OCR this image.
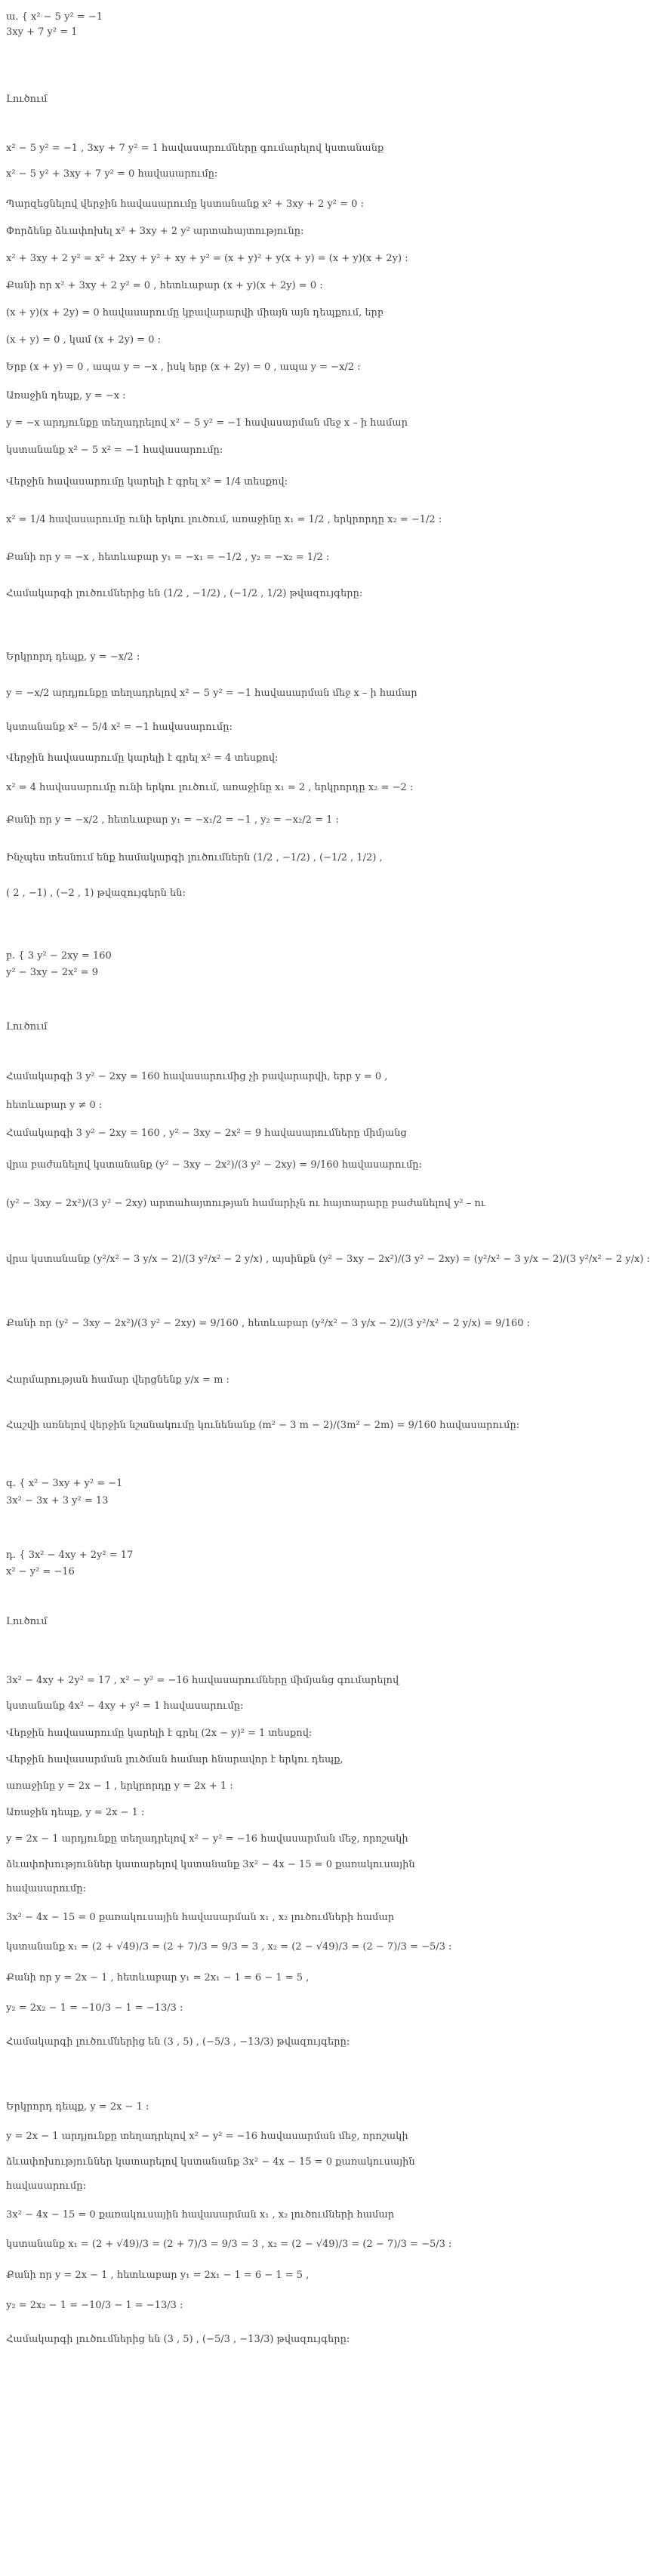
ա. { x² − 5 y² = −1
3xy + 7 y² = 1
Լուծում
x² − 5 y² = −1 , 3xy + 7 y² = 1 հավասարումները գումարելով կստանանք
x² − 5 y² + 3xy + 7 y² = 0 հավասարումը:
Պարզեցնելով վերջին հավասարումը կստանանք x² + 3xy + 2 y² = 0 :
Փորձենք ձևափոխել x² + 3xy + 2 y² արտահայտությունը:
x² + 3xy + 2 y² = x² + 2xy + y² + xy + y² = (x + y)² + y(x + y) = (x + y)(x + 2y) :
Քանի որ x² + 3xy + 2 y² = 0 , հետևաբար (x + y)(x + 2y) = 0 :
(x + y)(x + 2y) = 0 հավասարումը կբավարարվի միայն այն դեպքում, երբ
(x + y) = 0 , կամ (x + 2y) = 0 :
Երբ (x + y) = 0 , ապա y = −x , իսկ երբ (x + 2y) = 0 , ապա y = −x/2 :
Առաջին դեպք, y = −x :
y = −x արդյունքը տեղադրելով x² − 5 y² = −1 հավասարման մեջ x – ի համար
կստանանք x² − 5 x² = −1 հավասարումը:
Վերջին հավասարումը կարելի է գրել x² = 1/4 տեսքով:
x² = 1/4 հավասարումը ունի երկու լուծում, առաջինը x₁ = 1/2 , երկրորդը x₂ = −1/2 :
Քանի որ y = −x , հետևաբար y₁ = −x₁ = −1/2 , y₂ = −x₂ = 1/2 :
Համակարգի լուծումներից են (1/2 , −1/2) , (−1/2 , 1/2) թվազույգերը:
Երկրորդ դեպք, y = −x/2 :
y = −x/2 արդյունքը տեղադրելով x² − 5 y² = −1 հավասարման մեջ x – ի համար
կստանանք x² − 5/4 x² = −1 հավասարումը:
Վերջին հավասարումը կարելի է գրել x² = 4 տեսքով:
x² = 4 հավասարումը ունի երկու լուծում, առաջինը x₁ = 2 , երկրորդը x₂ = −2 :
Քանի որ y = −x/2 , հետևաբար y₁ = −x₁/2 = −1 , y₂ = −x₂/2 = 1 :
Ինչպես տեսնում ենք համակարգի լուծումներն (1/2 , −1/2) , (−1/2 , 1/2) ,
( 2 , −1) , (−2 , 1) թվազույգերն են:
բ. { 3 y² − 2xy = 160
y² − 3xy − 2x² = 9
Լուծում
Համակարգի 3 y² − 2xy = 160 հավասարումից չի բավարարվի, երբ y = 0 ,
հետևաբար y ≠ 0 :
Համակարգի 3 y² − 2xy = 160 , y² − 3xy − 2x² = 9 հավասարումները միմյանց
վրա բաժանելով կստանանք (y² − 3xy − 2x²)/(3 y² − 2xy) = 9/160 հավասարումը:
(y² − 3xy − 2x²)/(3 y² − 2xy) արտահայտության համարիչն ու հայտարարը բաժանելով y² – ու
վրա կստանանք (y²/x² − 3 y/x − 2)/(3 y²/x² − 2 y/x) , այսինքն (y² − 3xy − 2x²)/(3 y² − 2xy) = (y²/x² − 3 y/x − 2)/(3 y²/x² − 2 y/x) :
Քանի որ (y² − 3xy − 2x²)/(3 y² − 2xy) = 9/160 , հետևաբար (y²/x² − 3 y/x − 2)/(3 y²/x² − 2 y/x) = 9/160 :
Հարմարության համար վերցնենք y/x = m :
Հաշվի առնելով վերջին նշանակումը կունենանք (m² − 3 m − 2)/(3m² − 2m) = 9/160 հավասարումը:
գ. { x² − 3xy + y² = −1
3x² − 3x + 3 y² = 13
դ. { 3x² − 4xy + 2y² = 17
x² − y² = −16
Լուծում
3x² − 4xy + 2y² = 17 , x² − y² = −16 հավասարումները միմյանց գումարելով
կստանանք 4x² − 4xy + y² = 1 հավասարումը:
Վերջին հավասարումը կարելի է գրել (2x − y)² = 1 տեսքով:
Վերջին հավասարման լուծման համար հնարավոր է երկու դեպք,
առաջինը y = 2x − 1 , երկրորդը y = 2x + 1 :
Առաջին դեպք, y = 2x − 1 :
y = 2x − 1 արդյունքը տեղադրելով x² − y² = −16 հավասարման մեջ, որոշակի
ձևափոխություններ կատարելով կստանանք 3x² − 4x − 15 = 0 քառակուսային
հավասարումը:
3x² − 4x − 15 = 0 քառակուսային հավասարման x₁ , x₂ լուծումների համար
կստանանք x₁ = (2 + √49)/3 = (2 + 7)/3 = 9/3 = 3 , x₂ = (2 − √49)/3 = (2 − 7)/3 = −5/3 :
Քանի որ y = 2x − 1 , հետևաբար y₁ = 2x₁ − 1 = 6 − 1 = 5 ,
y₂ = 2x₂ − 1 = −10/3 − 1 = −13/3 :
Համակարգի լուծումներից են (3 , 5) , (−5/3 , −13/3) թվազույգերը:
Երկրորդ դեպք, y = 2x − 1 :
y = 2x − 1 արդյունքը տեղադրելով x² − y² = −16 հավասարման մեջ, որոշակի
ձևափոխություններ կատարելով կստանանք 3x² − 4x − 15 = 0 քառակուսային
հավասարումը:
3x² − 4x − 15 = 0 քառակուսային հավասարման x₁ , x₂ լուծումների համար
կստանանք x₁ = (2 + √49)/3 = (2 + 7)/3 = 9/3 = 3 , x₂ = (2 − √49)/3 = (2 − 7)/3 = −5/3 :
Քանի որ y = 2x − 1 , հետևաբար y₁ = 2x₁ − 1 = 6 − 1 = 5 ,
y₂ = 2x₂ − 1 = −10/3 − 1 = −13/3 :
Համակարգի լուծումներից են (3 , 5) , (−5/3 , −13/3) թվազույգերը:
